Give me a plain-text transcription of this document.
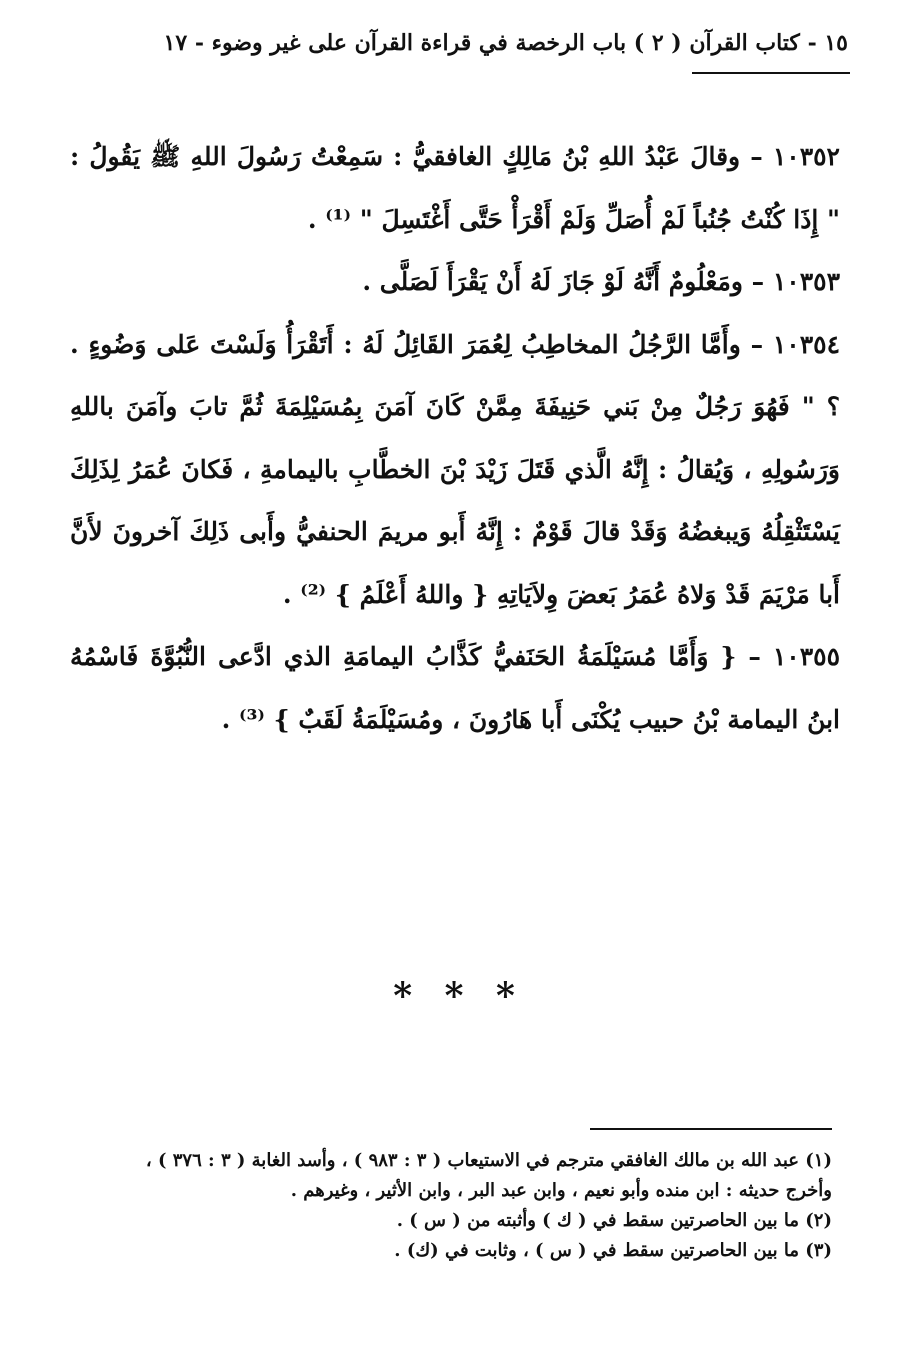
١٥ - كتاب القرآن ( ٢ ) باب الرخصة في قراءة القرآن على غير وضوء - ١٧

١٠٣٥٢ – وقالَ عَبْدُ اللهِ بْنُ مَالِكٍ الغافقيُّ : سَمِعْتُ رَسُولَ اللهِ ﷺ يَقُولُ : " إِذَا كُنْتُ جُنُباً لَمْ أُصَلِّ وَلَمْ أَقْرَأْ حَتَّى أَغْتَسِلَ " ⁽¹⁾ .

١٠٣٥٣ – ومَعْلُومٌ أَنَّهُ لَوْ جَازَ لَهُ أَنْ يَقْرَأَ لَصَلَّى .

١٠٣٥٤ – وأَمَّا الرَّجُلُ المخاطِبُ لِعُمَرَ القَائِلُ لَهُ : أَتَقْرَأُ وَلَسْتَ عَلى وَضُوءٍ . ؟ " فَهُوَ رَجُلٌ مِنْ بَني حَنِيفَةَ مِمَّنْ كَانَ آمَنَ بِمُسَيْلِمَةَ ثُمَّ تابَ وآمَنَ باللهِ وَرَسُولِهِ ، وَيُقالُ : إِنَّهُ الَّذي قَتَلَ زَيْدَ بْنَ الخطَّابِ باليمامةِ ، فَكانَ عُمَرُ لِذَلِكَ يَسْتَثْقِلُهُ وَيبغضُهُ وَقَدْ قالَ قَوْمٌ : إِنَّهُ أَبو مريمَ الحنفيُّ وأَبى ذَلِكَ آخرونَ لأَنَّ أَبا مَرْيَمَ قَدْ وَلاهُ عُمَرُ بَعضَ وِلاَيَاتِهِ { واللهُ أَعْلَمُ } ⁽²⁾ .

١٠٣٥٥ – { وَأَمَّا مُسَيْلَمَةُ الحَنَفيُّ كَذَّابُ اليمامَةِ الذي ادَّعى النُّبُوَّةَ فَاسْمُهُ ابنُ اليمامة بْنُ حبيب يُكْنَى أَبا هَارُونَ ، ومُسَيْلَمَةُ لَقَبٌ } ⁽³⁾ .

* * *

(١) عبد الله بن مالك الغافقي مترجم في الاستيعاب ( ٣ : ٩٨٣ ) ، وأسد الغابة ( ٣ : ٣٧٦ ) ،

وأخرج حديثه : ابن منده وأبو نعيم ، وابن عبد البر ، وابن الأثير ، وغيرهم .

(٢) ما بين الحاصرتين سقط في ( ك ) وأثبته من ( س ) .

(٣) ما بين الحاصرتين سقط في ( س ) ، وثابت في (ك) .
